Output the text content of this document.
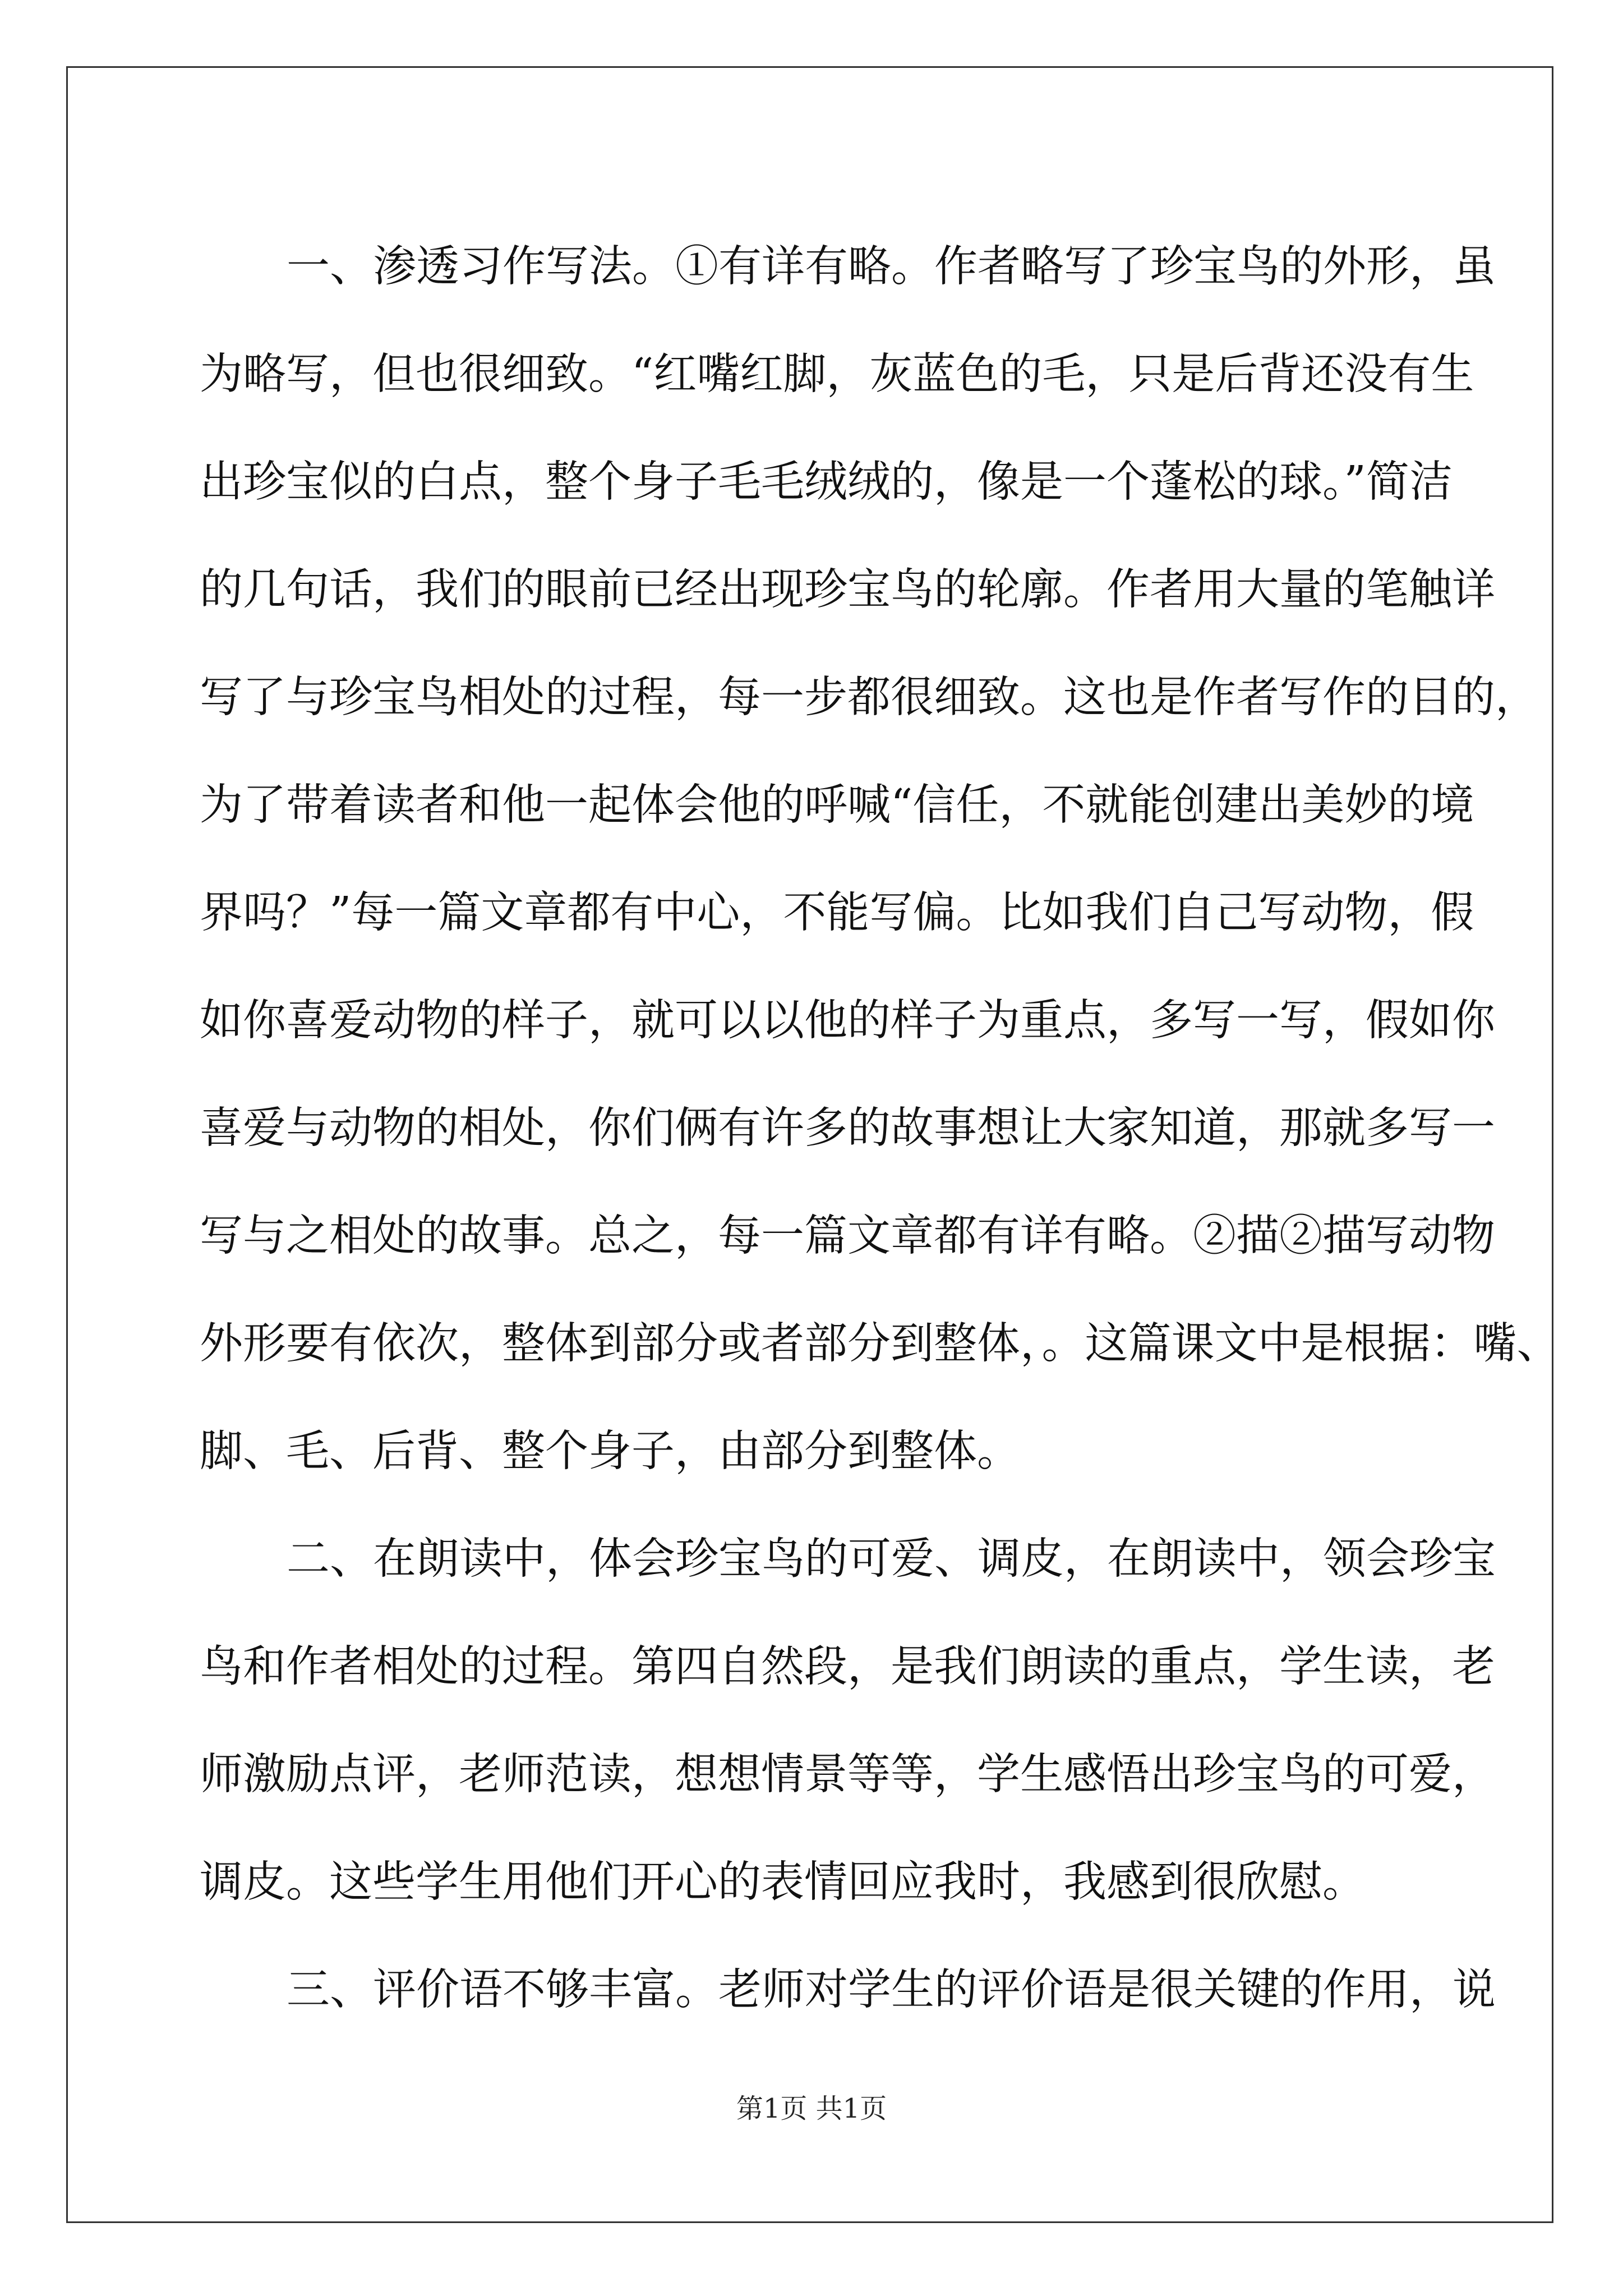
一、渗透习作写法。①有详有略。作者略写了珍宝鸟的外形，虽
为略写，但也很细致。“红嘴红脚，灰蓝色的毛，只是后背还没有生
出珍宝似的白点，整个身子毛毛绒绒的，像是一个蓬松的球。”简洁
的几句话，我们的眼前已经出现珍宝鸟的轮廓。作者用大量的笔触详
写了与珍宝鸟相处的过程，每一步都很细致。这也是作者写作的目的，
为了带着读者和他一起体会他的呼喊“信任，不就能创建出美妙的境
界吗？”每一篇文章都有中心，不能写偏。比如我们自己写动物，假
如你喜爱动物的样子，就可以以他的样子为重点，多写一写，假如你
喜爱与动物的相处，你们俩有许多的故事想让大家知道，那就多写一
写与之相处的故事。总之，每一篇文章都有详有略。②描②描写动物
外形要有依次，整体到部分或者部分到整体，。这篇课文中是根据：嘴、
脚、毛、后背、整个身子，由部分到整体。
二、在朗读中，体会珍宝鸟的可爱、调皮，在朗读中，领会珍宝
鸟和作者相处的过程。第四自然段，是我们朗读的重点，学生读，老
师激励点评，老师范读，想想情景等等，学生感悟出珍宝鸟的可爱，
调皮。这些学生用他们开心的表情回应我时，我感到很欣慰。
三、评价语不够丰富。老师对学生的评价语是很关键的作用，说
第1页 共1页
